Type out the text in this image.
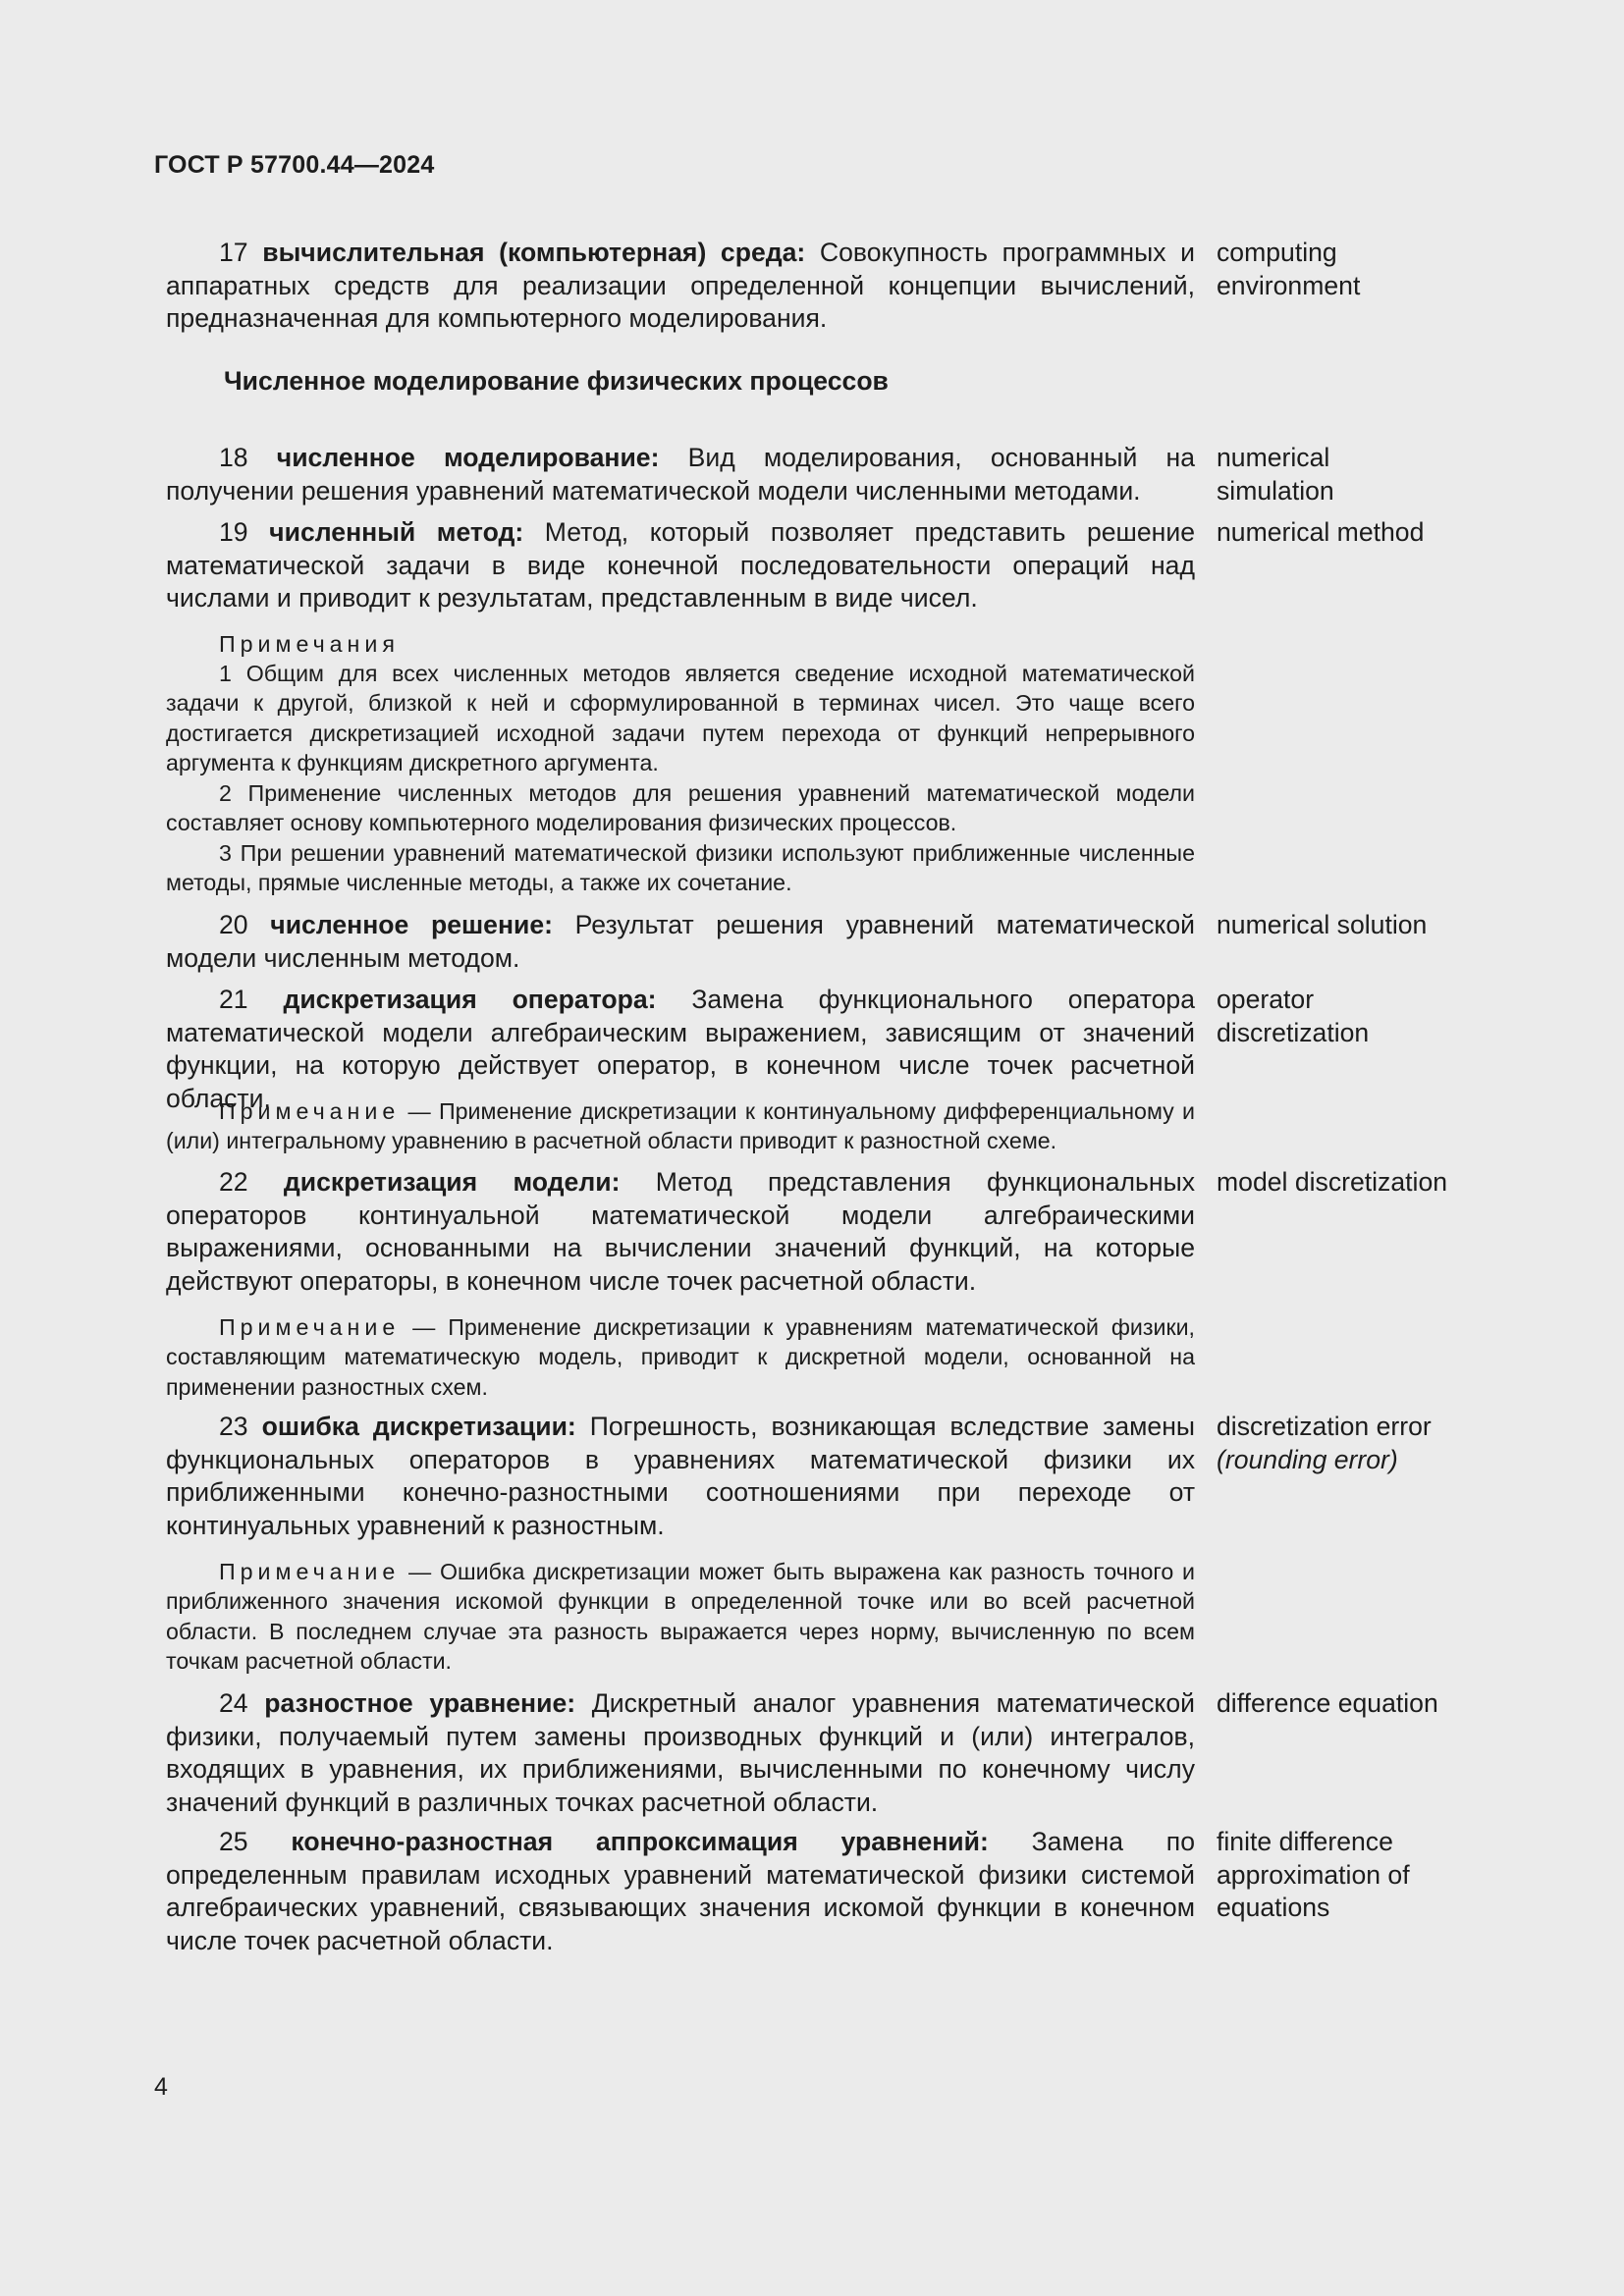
ГОСТ Р 57700.44—2024
17 вычислительная (компьютерная) среда: Совокупность программных и аппаратных средств для реализации определенной концепции вычислений, предназначенная для компьютерного моделирования.
computing environment
Численное моделирование физических процессов
18 численное моделирование: Вид моделирования, основанный на получении решения уравнений математической модели численными методами.
numerical simulation
19 численный метод: Метод, который позволяет представить решение математической задачи в виде конечной последовательности операций над числами и приводит к результатам, представленным в виде чисел.
numerical method
Примечания
1 Общим для всех численных методов является сведение исходной математической задачи к другой, близкой к ней и сформулированной в терминах чисел. Это чаще всего достигается дискретизацией исходной задачи путем перехода от функций непрерывного аргумента к функциям дискретного аргумента.
2 Применение численных методов для решения уравнений математической модели составляет основу компьютерного моделирования физических процессов.
3 При решении уравнений математической физики используют приближенные численные методы, прямые численные методы, а также их сочетание.
20 численное решение: Результат решения уравнений математической модели численным методом.
numerical solution
21 дискретизация оператора: Замена функционального оператора математической модели алгебраическим выражением, зависящим от значений функции, на которую действует оператор, в конечном числе точек расчетной области.
operator discretization
Примечание — Применение дискретизации к континуальному дифференциальному и (или) интегральному уравнению в расчетной области приводит к разностной схеме.
22 дискретизация модели: Метод представления функциональных операторов континуальной математической модели алгебраическими выражениями, основанными на вычислении значений функций, на которые действуют операторы, в конечном числе точек расчетной области.
model discretization
Примечание — Применение дискретизации к уравнениям математической физики, составляющим математическую модель, приводит к дискретной модели, основанной на применении разностных схем.
23 ошибка дискретизации: Погрешность, возникающая вследствие замены функциональных операторов в уравнениях математической физики их приближенными конечно-разностными соотношениями при переходе от континуальных уравнений к разностным.
discretization error
(rounding error)
Примечание — Ошибка дискретизации может быть выражена как разность точного и приближенного значения искомой функции в определенной точке или во всей расчетной области. В последнем случае эта разность выражается через норму, вычисленную по всем точкам расчетной области.
24 разностное уравнение: Дискретный аналог уравнения математической физики, получаемый путем замены производных функций и (или) интегралов, входящих в уравнения, их приближениями, вычисленными по конечному числу значений функций в различных точках расчетной области.
difference equation
25 конечно-разностная аппроксимация уравнений: Замена по определенным правилам исходных уравнений математической физики системой алгебраических уравнений, связывающих значения искомой функции в конечном числе точек расчетной области.
finite difference approximation of equations
4
